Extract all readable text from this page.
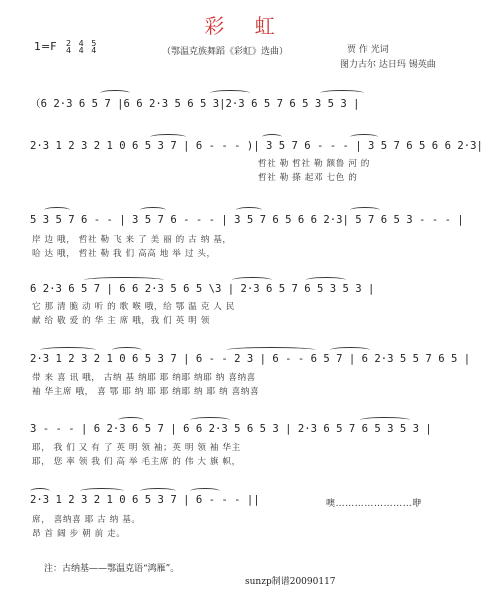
彩 虹
1=F 2
4 4
4 5
4	（鄂温克族舞蹈《彩虹》选曲）	贾 作 光词
图力古尔 达日玛 锡英曲
（6 2·3 6 5 7 |6 6 2·3 5 6 5 3|2·3 6 5 7 6 5 3 5 3 |
2·3 1 2 3 2 1 0 6 5 3 7 | 6 - - - )| 3 5 7 6 - - - | 3 5 7 6 5 6 6 2·3|
哲社 勒 哲社 勒 额鲁 河 的
哲社 勒 搽 起邓 七色 的
5 3 5 7 6 - - | 3 5 7 6 - - - | 3 5 7 6 5 6 6 2·3| 5 7 6 5 3 - - - |
岸 边 哦， 哲社 勒 飞 来 了 美 丽 的 古 纳 基，
哈 达 哦， 哲社 勒 我 们 高高 地 举 过 头，
6 2·3 6 5 7 | 6 6 2·3 5 6 5 \3 | 2·3 6 5 7 6 5 3 5 3 |
它 那 清 脆 动 听 的 歌 喉 哦，给 鄂 温 克 人 民
献 给 敬 爱 的 华 主 席 哦，我 们 英 明 领
2·3 1 2 3 2 1 0 6 5 3 7 | 6 - - 2 3 | 6 - - 6 5 7 | 6 2·3 5 5 7 6 5 |
带 来 喜 讯 哦， 古纳 基 纳耶 耶 纳耶 纳耶 纳 喜纳喜
袖 华主席 哦， 喜 鄂 耶 纳 耶 耶 纳耶 纳 耶 纳 喜纳喜
3 - - - | 6 2·3 6 5 7 | 6 6 2·3 5 6 5 3 | 2·3 6 5 7 6 5 3 5 3 |
耶， 我 们 又 有 了 英 明 领 袖；英 明 领 袖 华主
耶， 您 率 领 我 们 高 举 毛主席 的 伟 大 旗 帜，
2·3 1 2 3 2 1 0 6 5 3 7 | 6 - - - ||
席， 喜纳喜 耶 古 纳 基。
昂 首 阔 步 朝 前 走。
噢……………………咿
注：古纳基——鄂温克语“鸿雁”。
sunzp制谱20090117
